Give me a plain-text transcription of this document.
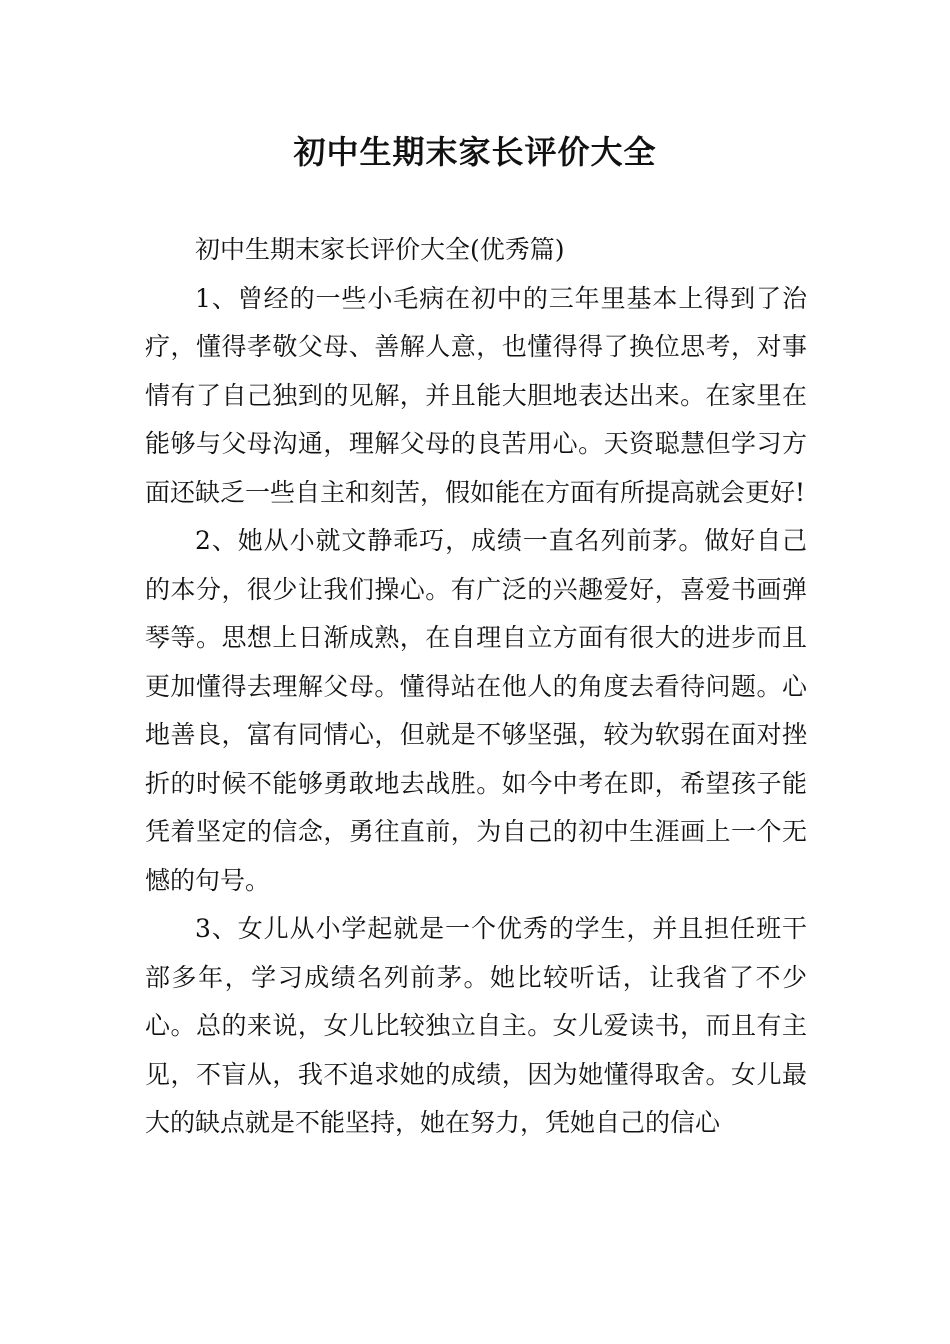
初中生期末家长评价大全

初中生期末家长评价大全(优秀篇)

1、曾经的一些小毛病在初中的三年里基本上得到了治疗，懂得孝敬父母、善解人意，也懂得得了换位思考，对事情有了自己独到的见解，并且能大胆地表达出来。在家里在能够与父母沟通，理解父母的良苦用心。天资聪慧但学习方面还缺乏一些自主和刻苦，假如能在方面有所提高就会更好!

2、她从小就文静乖巧，成绩一直名列前茅。做好自己的本分，很少让我们操心。有广泛的兴趣爱好，喜爱书画弹琴等。思想上日渐成熟，在自理自立方面有很大的进步而且更加懂得去理解父母。懂得站在他人的角度去看待问题。心地善良，富有同情心，但就是不够坚强，较为软弱在面对挫折的时候不能够勇敢地去战胜。如今中考在即，希望孩子能凭着坚定的信念，勇往直前，为自己的初中生涯画上一个无憾的句号。

3、女儿从小学起就是一个优秀的学生，并且担任班干部多年，学习成绩名列前茅。她比较听话，让我省了不少心。总的来说，女儿比较独立自主。女儿爱读书，而且有主见，不盲从，我不追求她的成绩，因为她懂得取舍。女儿最大的缺点就是不能坚持，她在努力，凭她自己的信心
